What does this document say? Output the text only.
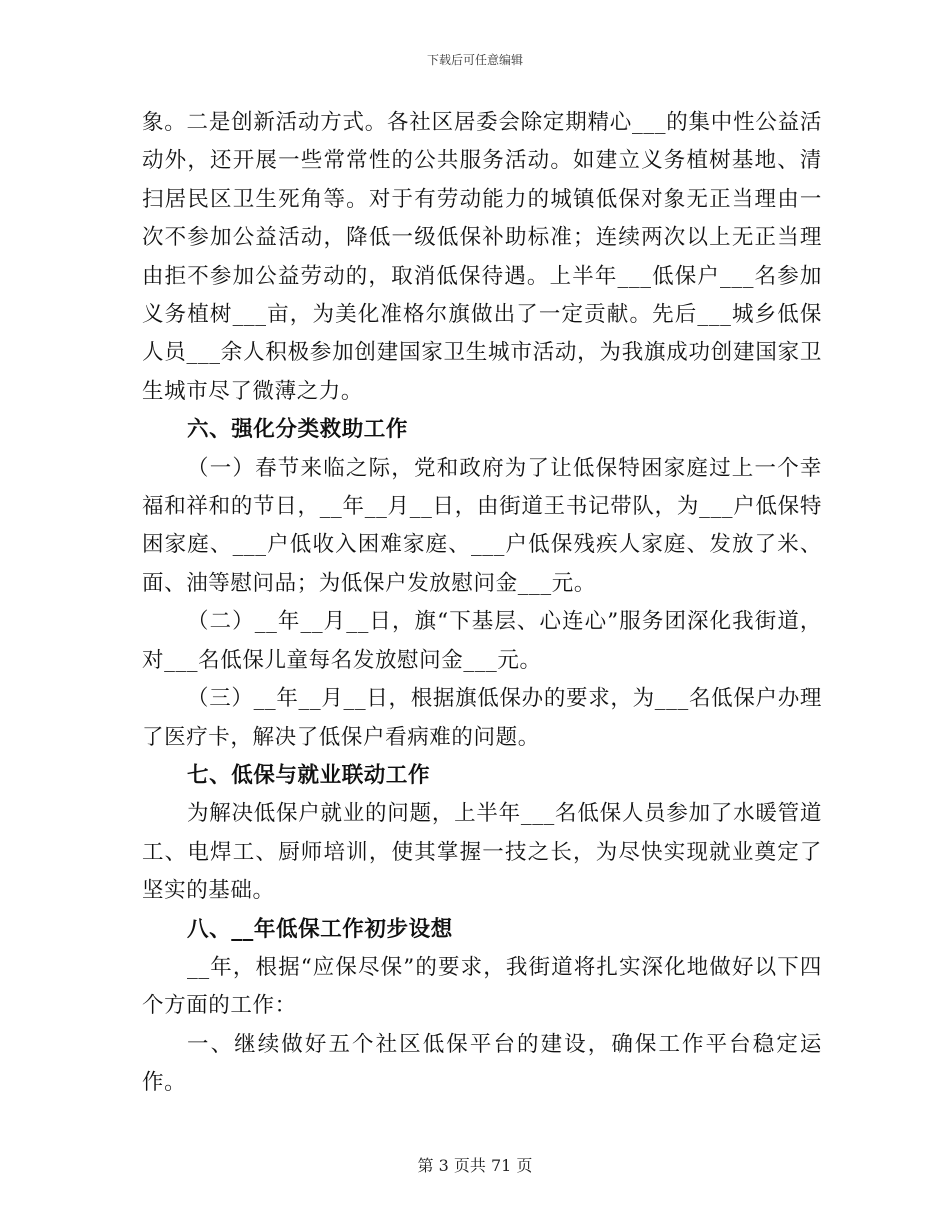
下载后可任意编辑

象。二是创新活动方式。各社区居委会除定期精心___的集中性公益活动外，还开展一些常常性的公共服务活动。如建立义务植树基地、清扫居民区卫生死角等。对于有劳动能力的城镇低保对象无正当理由一次不参加公益活动，降低一级低保补助标准；连续两次以上无正当理由拒不参加公益劳动的，取消低保待遇。上半年___低保户___名参加义务植树___亩，为美化准格尔旗做出了一定贡献。先后___城乡低保人员___余人积极参加创建国家卫生城市活动，为我旗成功创建国家卫生城市尽了微薄之力。

六、强化分类救助工作

（一）春节来临之际，党和政府为了让低保特困家庭过上一个幸福和祥和的节日，__年__月__日，由街道王书记带队，为___户低保特困家庭、___户低收入困难家庭、___户低保残疾人家庭、发放了米、面、油等慰问品；为低保户发放慰问金___元。

（二）__年__月__日，旗“下基层、心连心”服务团深化我街道，对___名低保儿童每名发放慰问金___元。

（三）__年__月__日，根据旗低保办的要求，为___名低保户办理了医疗卡，解决了低保户看病难的问题。

七、低保与就业联动工作

为解决低保户就业的问题，上半年___名低保人员参加了水暖管道工、电焊工、厨师培训，使其掌握一技之长，为尽快实现就业奠定了坚实的基础。

八、__年低保工作初步设想

__年，根据“应保尽保”的要求，我街道将扎实深化地做好以下四个方面的工作：

一、继续做好五个社区低保平台的建设，确保工作平台稳定运作。

第 3 页共 71 页
